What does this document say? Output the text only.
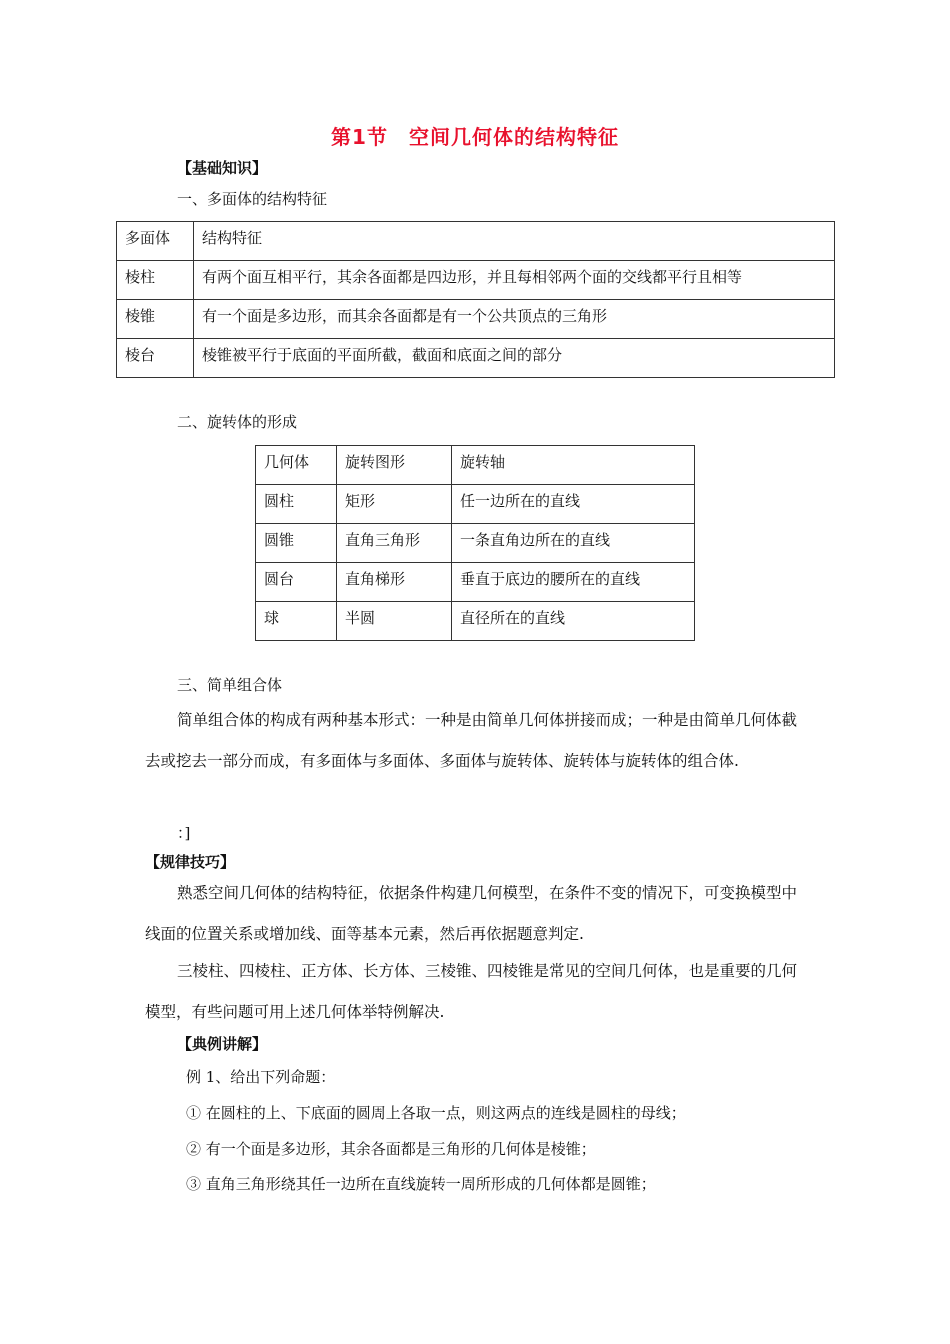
第1节　空间几何体的结构特征
【基础知识】
一、多面体的结构特征
多面体	结构特征
棱柱	有两个面互相平行，其余各面都是四边形，并且每相邻两个面的交线都平行且相等
棱锥	有一个面是多边形，而其余各面都是有一个公共顶点的三角形
棱台	棱锥被平行于底面的平面所截，截面和底面之间的部分
二、旋转体的形成
几何体	旋转图形	旋转轴
圆柱	矩形	任一边所在的直线
圆锥	直角三角形	一条直角边所在的直线
圆台	直角梯形	垂直于底边的腰所在的直线
球	半圆	直径所在的直线
三、简单组合体
简单组合体的构成有两种基本形式：一种是由简单几何体拼接而成；一种是由简单几何体截去或挖去一部分而成，有多面体与多面体、多面体与旋转体、旋转体与旋转体的组合体.
：]
【规律技巧】
熟悉空间几何体的结构特征，依据条件构建几何模型，在条件不变的情况下，可变换模型中线面的位置关系或增加线、面等基本元素，然后再依据题意判定.
三棱柱、四棱柱、正方体、长方体、三棱锥、四棱锥是常见的空间几何体，也是重要的几何模型，有些问题可用上述几何体举特例解决.
【典例讲解】
例 1、给出下列命题：
① 在圆柱的上、下底面的圆周上各取一点，则这两点的连线是圆柱的母线；
② 有一个面是多边形，其余各面都是三角形的几何体是棱锥；
③ 直角三角形绕其任一边所在直线旋转一周所形成的几何体都是圆锥；
